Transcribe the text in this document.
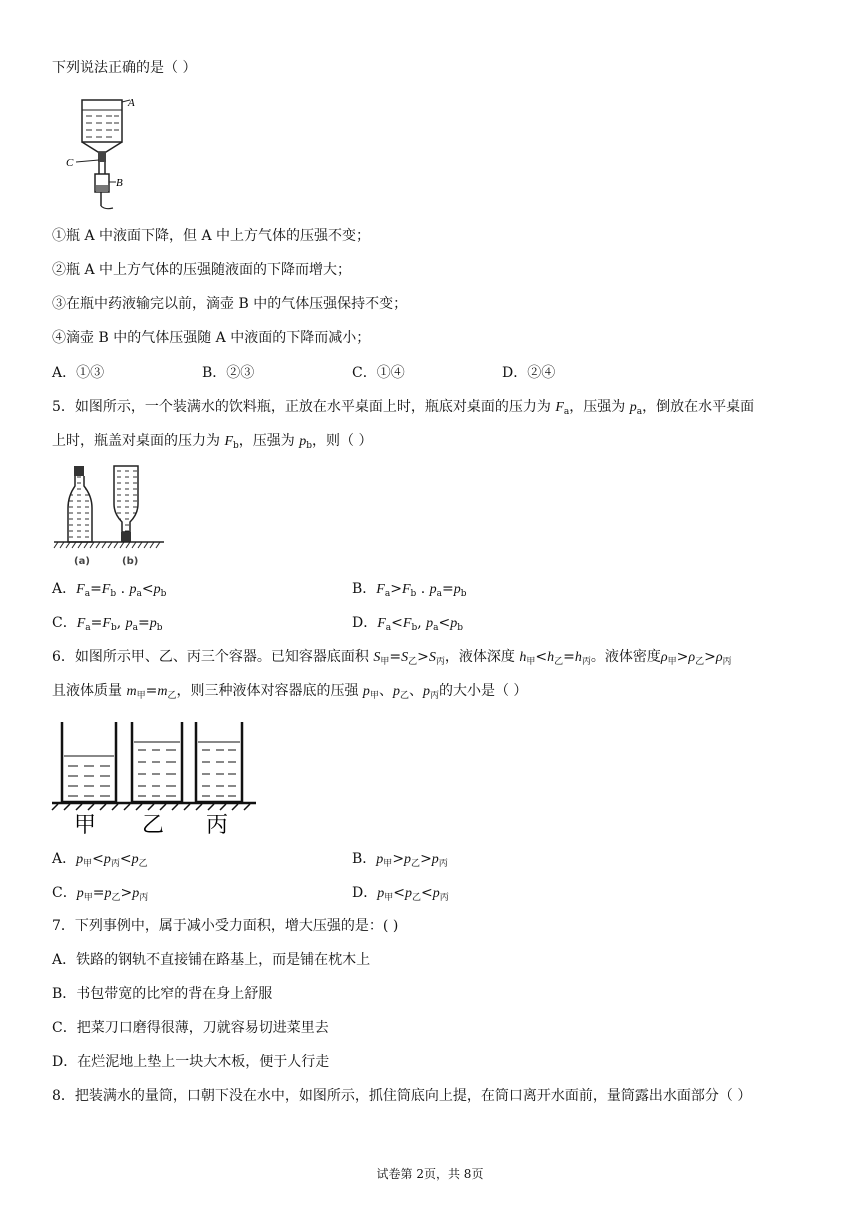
下列说法正确的是（ ）
A
C
B
①瓶 A 中液面下降，但 A 中上方气体的压强不变；
②瓶 A 中上方气体的压强随液面的下降而增大；
③在瓶中药液输完以前，滴壶 B 中的气体压强保持不变；
④滴壶 B 中的气体压强随 A 中液面的下降而减小；
A．①③	B．②③	C．①④	D．②④
5．如图所示，一个装满水的饮料瓶，正放在水平桌面上时，瓶底对桌面的压力为 $F_a$，压强为 $p_a$，倒放在水平桌面
上时，瓶盖对桌面的压力为 $F_b$，压强为 $p_b$，则（ ）
(a)	(b)
A．$F_a=F_b$ . $p_a<p_b$	B．$F_a>F_b$ . $p_a=p_b$
C．$F_a=F_b$, $p_a=p_b$	D．$F_a<F_b$, $p_a<p_b$
6．如图所示甲、乙、丙三个容器。已知容器底面积 $S_甲=S_乙>S_丙$，液体深度 $h_甲<h_乙=h_丙$。液体密度$\rho_甲>\rho_乙>\rho_丙$
且液体质量 $m_甲=m_乙$，则三种液体对容器底的压强 $p_甲$、$p_乙$、$p_丙$的大小是（ ）
甲 乙 丙
A．$p_甲<p_丙<p_乙$	B．$p_甲>p_乙>p_丙$
C．$p_甲=p_乙>p_丙$	D．$p_甲<p_乙<p_丙$
7．下列事例中，属于减小受力面积，增大压强的是：( )
A．铁路的钢轨不直接铺在路基上，而是铺在枕木上
B．书包带宽的比窄的背在身上舒服
C．把菜刀口磨得很薄，刀就容易切进菜里去
D．在烂泥地上垫上一块大木板，便于人行走
8．把装满水的量筒，口朝下没在水中，如图所示，抓住筒底向上提，在筒口离开水面前，量筒露出水面部分（ ）
试卷第 2页，共 8页
